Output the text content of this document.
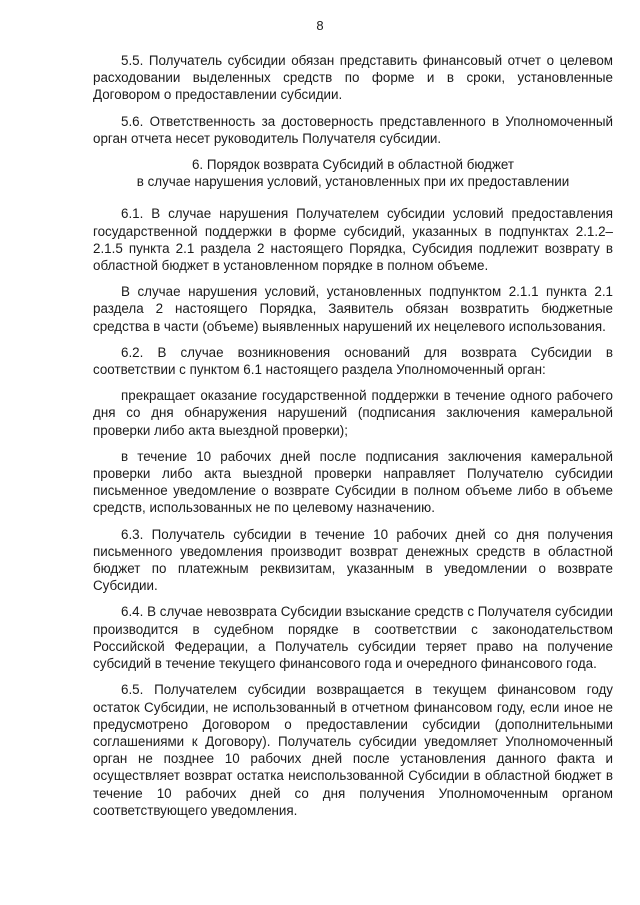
8

5.5. Получатель субсидии обязан представить финансовый отчет о целевом расходовании выделенных средств по форме и в сроки, установленные Договором о предоставлении субсидии.

5.6. Ответственность за достоверность представленного в Уполномоченный орган отчета несет руководитель Получателя субсидии.

6. Порядок возврата Субсидий в областной бюджет
в случае нарушения условий, установленных при их предоставлении

6.1. В случае нарушения Получателем субсидии условий предоставления государственной поддержки в форме субсидий, указанных в подпунктах 2.1.2–2.1.5 пункта 2.1 раздела 2 настоящего Порядка, Субсидия подлежит возврату в областной бюджет в установленном порядке в полном объеме.

В случае нарушения условий, установленных подпунктом 2.1.1 пункта 2.1 раздела 2 настоящего Порядка, Заявитель обязан возвратить бюджетные средства в части (объеме) выявленных нарушений их нецелевого использования.

6.2. В случае возникновения оснований для возврата Субсидии в соответствии с пунктом 6.1 настоящего раздела Уполномоченный орган:

прекращает оказание государственной поддержки в течение одного рабочего дня со дня обнаружения нарушений (подписания заключения камеральной проверки либо акта выездной проверки);

в течение 10 рабочих дней после подписания заключения камеральной проверки либо акта выездной проверки направляет Получателю субсидии письменное уведомление о возврате Субсидии в полном объеме либо в объеме средств, использованных не по целевому назначению.

6.3. Получатель субсидии в течение 10 рабочих дней со дня получения письменного уведомления производит возврат денежных средств в областной бюджет по платежным реквизитам, указанным в уведомлении о возврате Субсидии.

6.4. В случае невозврата Субсидии взыскание средств с Получателя субсидии производится в судебном порядке в соответствии с законодательством Российской Федерации, а Получатель субсидии теряет право на получение субсидий в течение текущего финансового года и очередного финансового года.

6.5. Получателем субсидии возвращается в текущем финансовом году остаток Субсидии, не использованный в отчетном финансовом году, если иное не предусмотрено Договором о предоставлении субсидии (дополнительными соглашениями к Договору). Получатель субсидии уведомляет Уполномоченный орган не позднее 10 рабочих дней после установления данного факта и осуществляет возврат остатка неиспользованной Субсидии в областной бюджет в течение 10 рабочих дней со дня получения Уполномоченным органом соответствующего уведомления.
